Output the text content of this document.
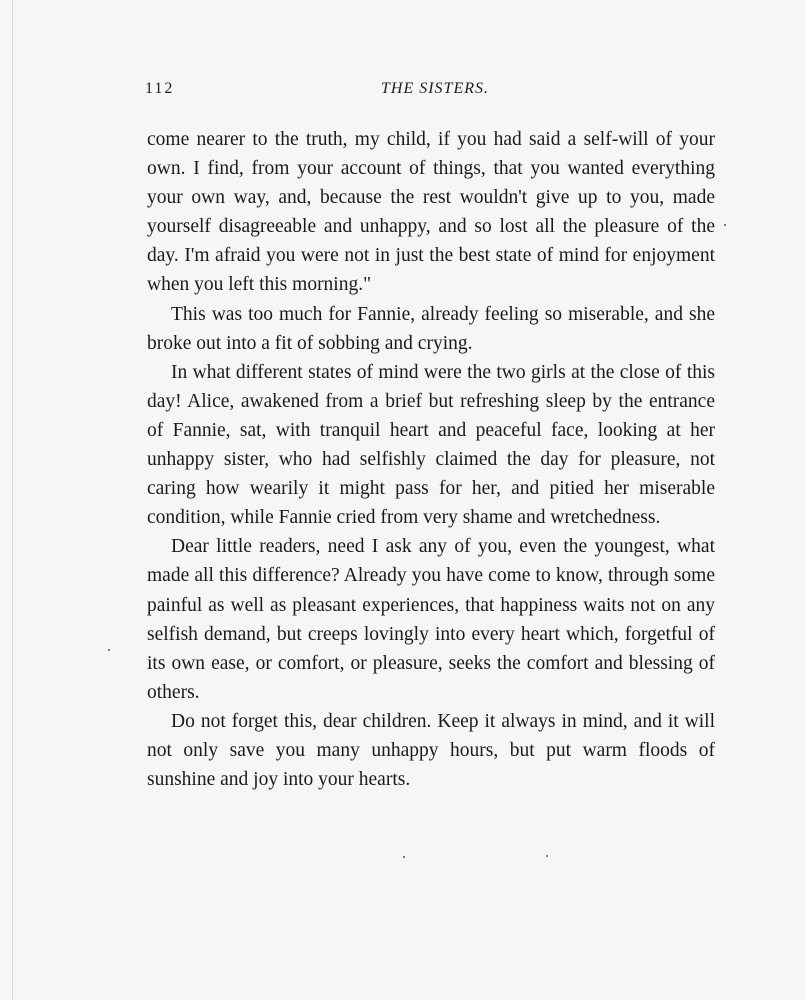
112	THE SISTERS.

come nearer to the truth, my child, if you had said a self-will of your own. I find, from your account of things, that you wanted everything your own way, and, because the rest wouldn't give up to you, made yourself disagreeable and unhappy, and so lost all the pleasure of the day. I'm afraid you were not in just the best state of mind for enjoyment when you left this morning."

This was too much for Fannie, already feeling so miserable, and she broke out into a fit of sobbing and crying.

In what different states of mind were the two girls at the close of this day! Alice, awakened from a brief but refreshing sleep by the entrance of Fannie, sat, with tranquil heart and peaceful face, looking at her unhappy sister, who had selfishly claimed the day for pleasure, not caring how wearily it might pass for her, and pitied her miserable condition, while Fannie cried from very shame and wretchedness.

Dear little readers, need I ask any of you, even the youngest, what made all this difference? Already you have come to know, through some painful as well as pleasant experiences, that happiness waits not on any selfish demand, but creeps lovingly into every heart which, forgetful of its own ease, or comfort, or pleasure, seeks the comfort and blessing of others.

Do not forget this, dear children. Keep it always in mind, and it will not only save you many unhappy hours, but put warm floods of sunshine and joy into your hearts.
